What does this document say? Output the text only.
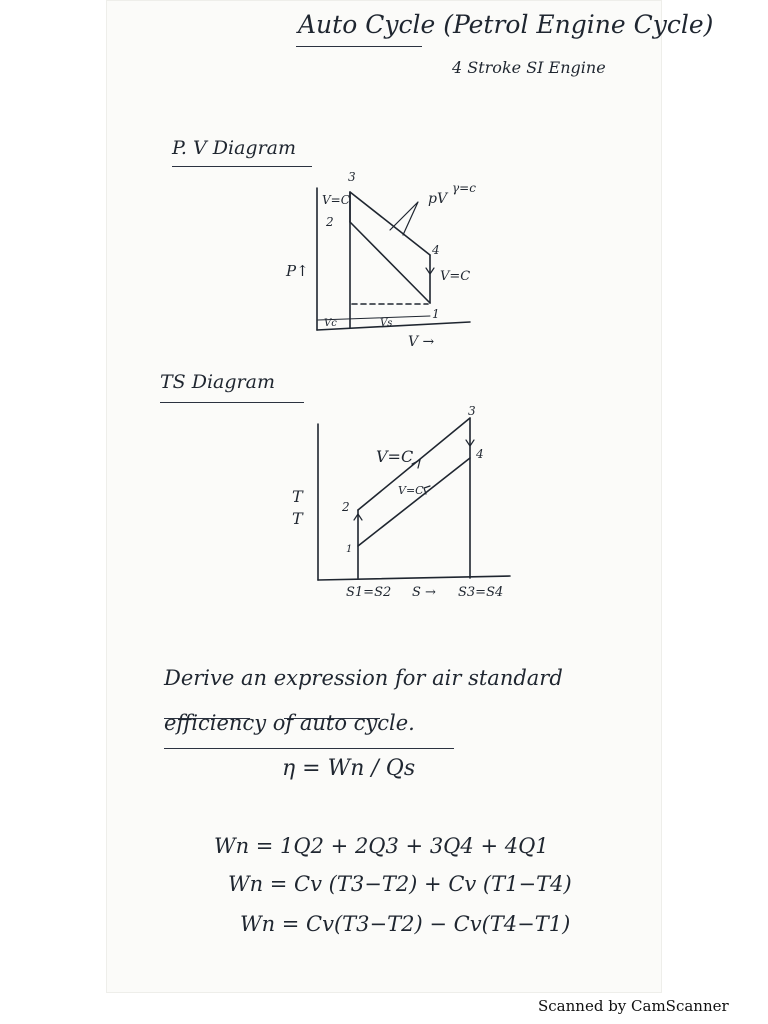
Auto Cycle (Petrol Engine Cycle)
4 Stroke SI Engine
P. V Diagram
3
2
4
1
V=C	pV
γ=c
V=C
P↑
V →
Vc	Vs
TS Diagram
3
4
2
1
V=C
V=C
T
T
S1=S2 S → S3=S4
Derive an expression for air standard
efficiency of auto cycle.
η = Wn / Qs
Wn = 1Q2 + 2Q3 + 3Q4 + 4Q1
Wn = Cv (T3−T2) + Cv (T1−T4)
Wn = Cv(T3−T2) − Cv(T4−T1)
Scanned by CamScanner
